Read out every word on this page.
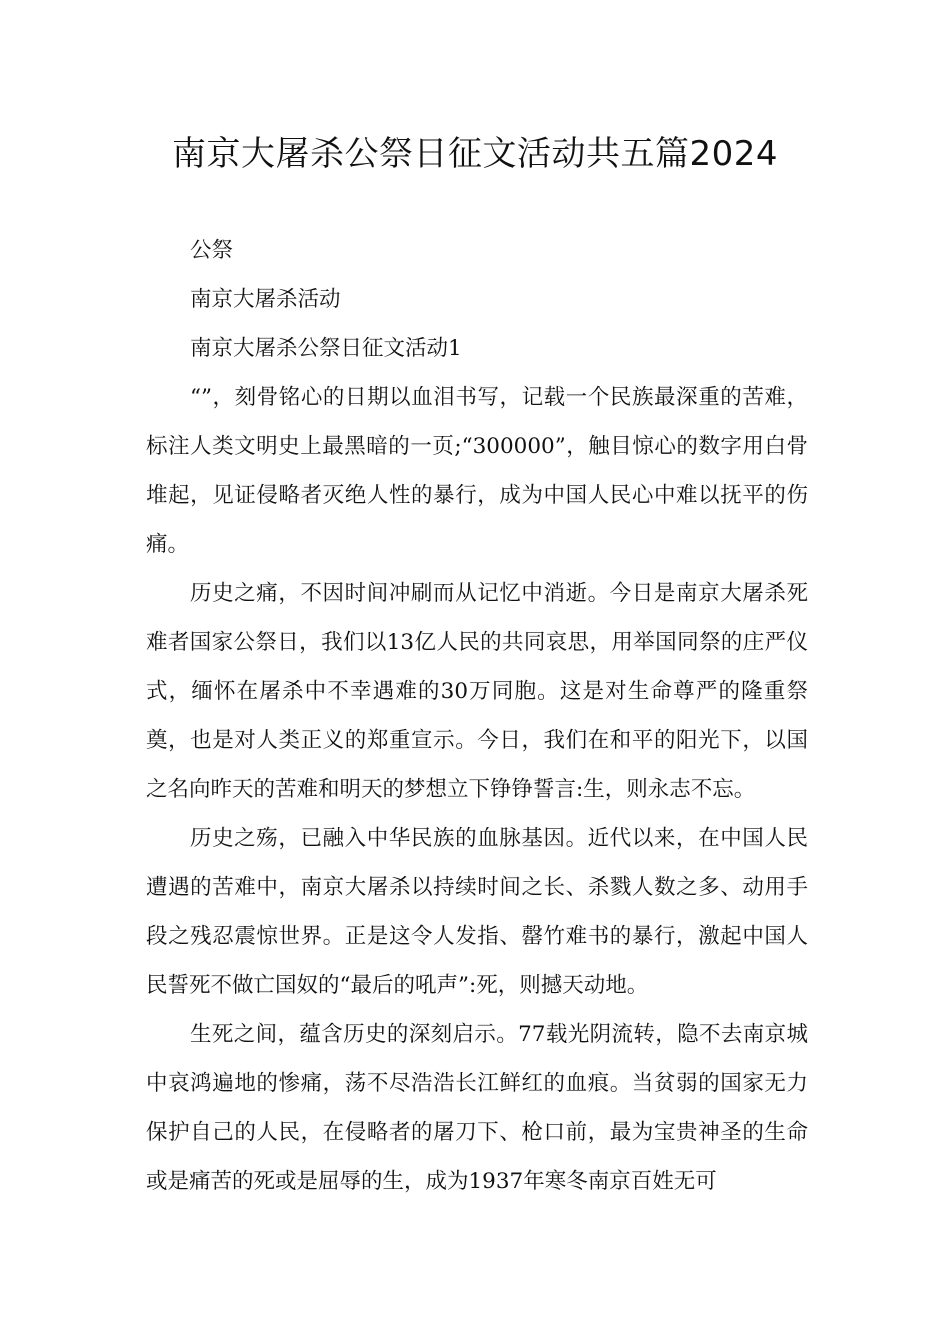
南京大屠杀公祭日征文活动共五篇2024

公祭

南京大屠杀活动

南京大屠杀公祭日征文活动1

“”，刻骨铭心的日期以血泪书写，记载一个民族最深重的苦难，标注人类文明史上最黑暗的一页;“300000”，触目惊心的数字用白骨堆起，见证侵略者灭绝人性的暴行，成为中国人民心中难以抚平的伤痛。

历史之痛，不因时间冲刷而从记忆中消逝。今日是南京大屠杀死难者国家公祭日，我们以13亿人民的共同哀思，用举国同祭的庄严仪式，缅怀在屠杀中不幸遇难的30万同胞。这是对生命尊严的隆重祭奠，也是对人类正义的郑重宣示。今日，我们在和平的阳光下，以国之名向昨天的苦难和明天的梦想立下铮铮誓言:生，则永志不忘。

历史之殇，已融入中华民族的血脉基因。近代以来，在中国人民遭遇的苦难中，南京大屠杀以持续时间之长、杀戮人数之多、动用手段之残忍震惊世界。正是这令人发指、罄竹难书的暴行，激起中国人民誓死不做亡国奴的“最后的吼声”:死，则撼天动地。

生死之间，蕴含历史的深刻启示。77载光阴流转，隐不去南京城中哀鸿遍地的惨痛，荡不尽浩浩长江鲜红的血痕。当贫弱的国家无力保护自己的人民，在侵略者的屠刀下、枪口前，最为宝贵神圣的生命或是痛苦的死或是屈辱的生，成为1937年寒冬南京百姓无可
